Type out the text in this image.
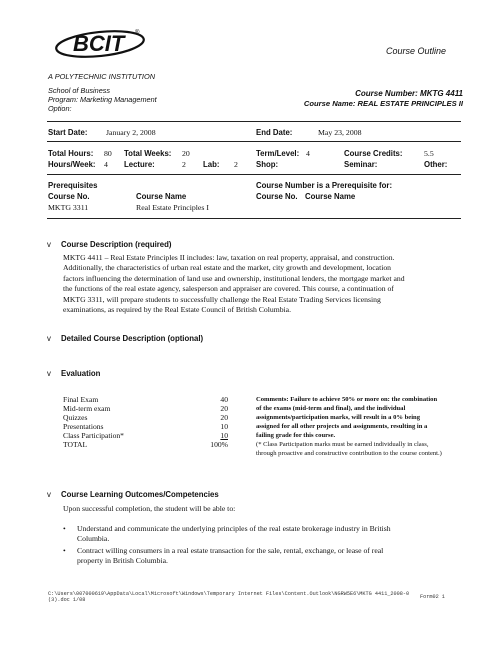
BCIT ®
A POLYTECHNIC INSTITUTION
Course Outline
School of Business
Program: Marketing Management
Option:
Course Number: MKTG 4411
Course Name: REAL ESTATE PRINCIPLES II
Start Date: January 2, 2008	End Date:	May 23, 2008
Total Hours: 80 Total Weeks: 20	Term/Level: 4	Course Credits:	5.5
Hours/Week: 4 Lecture:	2 Lab: 2 Shop:	Seminar:	Other:
Prerequisites
Course No.	Course Name
MKTG 3311	Real Estate Principles I
Course Number is a Prerequisite for:
Course No. Course Name
v Course Description (required)
MKTG 4411 – Real Estate Principles II includes: law, taxation on real property, appraisal, and construction.
Additionally, the characteristics of urban real estate and the market, city growth and development, location
factors influencing the determination of land use and ownership, institutional lenders, the mortgage market and
the functions of the real estate agency, salesperson and appraiser are covered. This course, a continuation of
MKTG 3311, will prepare students to successfully challenge the Real Estate Trading Services licensing
examinations, as required by the Real Estate Council of British Columbia.
v Detailed Course Description (optional)
v Evaluation
Final Exam	40
Mid-term exam	20
Quizzes	20
Presentations	10
Class Participation*	10
TOTAL	100%
Comments: Failure to achieve 50% or more on: the combination
of the exams (mid-term and final), and the individual
assignments/participation marks, will result in a 0% being
assigned for all other projects and assignments, resulting in a
failing grade for this course.
(* Class Participation marks must be earned individually in class,
through proactive and constructive contribution to the course content.)
v Course Learning Outcomes/Competencies
Upon successful completion, the student will be able to:
• Understand and communicate the underlying principles of the real estate brokerage industry in British
Columbia.
• Contract willing consumers in a real estate transaction for the sale, rental, exchange, or lease of real
property in British Columbia.
C:\Users\007000619\AppData\Local\Microsoft\Windows\Temporary Internet Files\Content.Outlook\NGRW5E6\MKTG 4411_2008-0
(3).doc 1/08	Form02 1
